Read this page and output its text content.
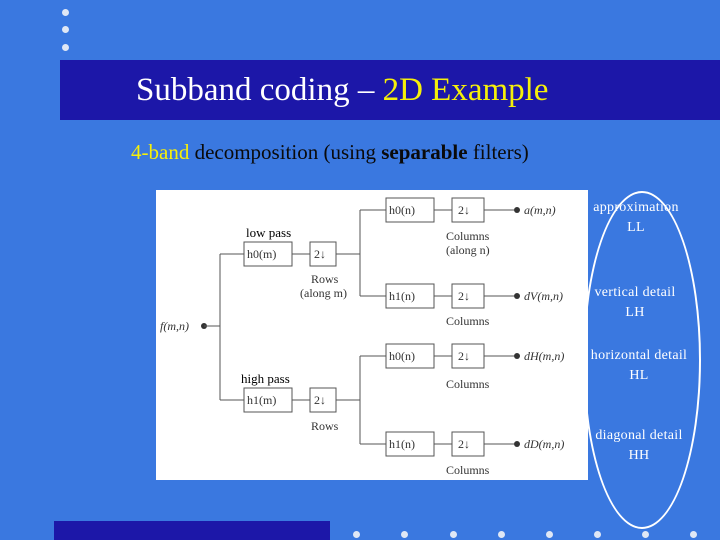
Subband coding – 2D Example

4-band decomposition (using separable filters)

f(m,n)
h0(m)	2↓
Rows
(along m)
h1(m)	2↓
Rows
h0(n)	2↓	a(m,n)
Columns
(along n)
h1(n)	2↓	dV(m,n)
Columns
h0(n)	2↓	dH(m,n)
Columns
h1(n)	2↓	dD(m,n)
Columns
low pass
high pass
approximation
LL
vertical detail
LH
horizontal detail
HL
diagonal detail
HH
